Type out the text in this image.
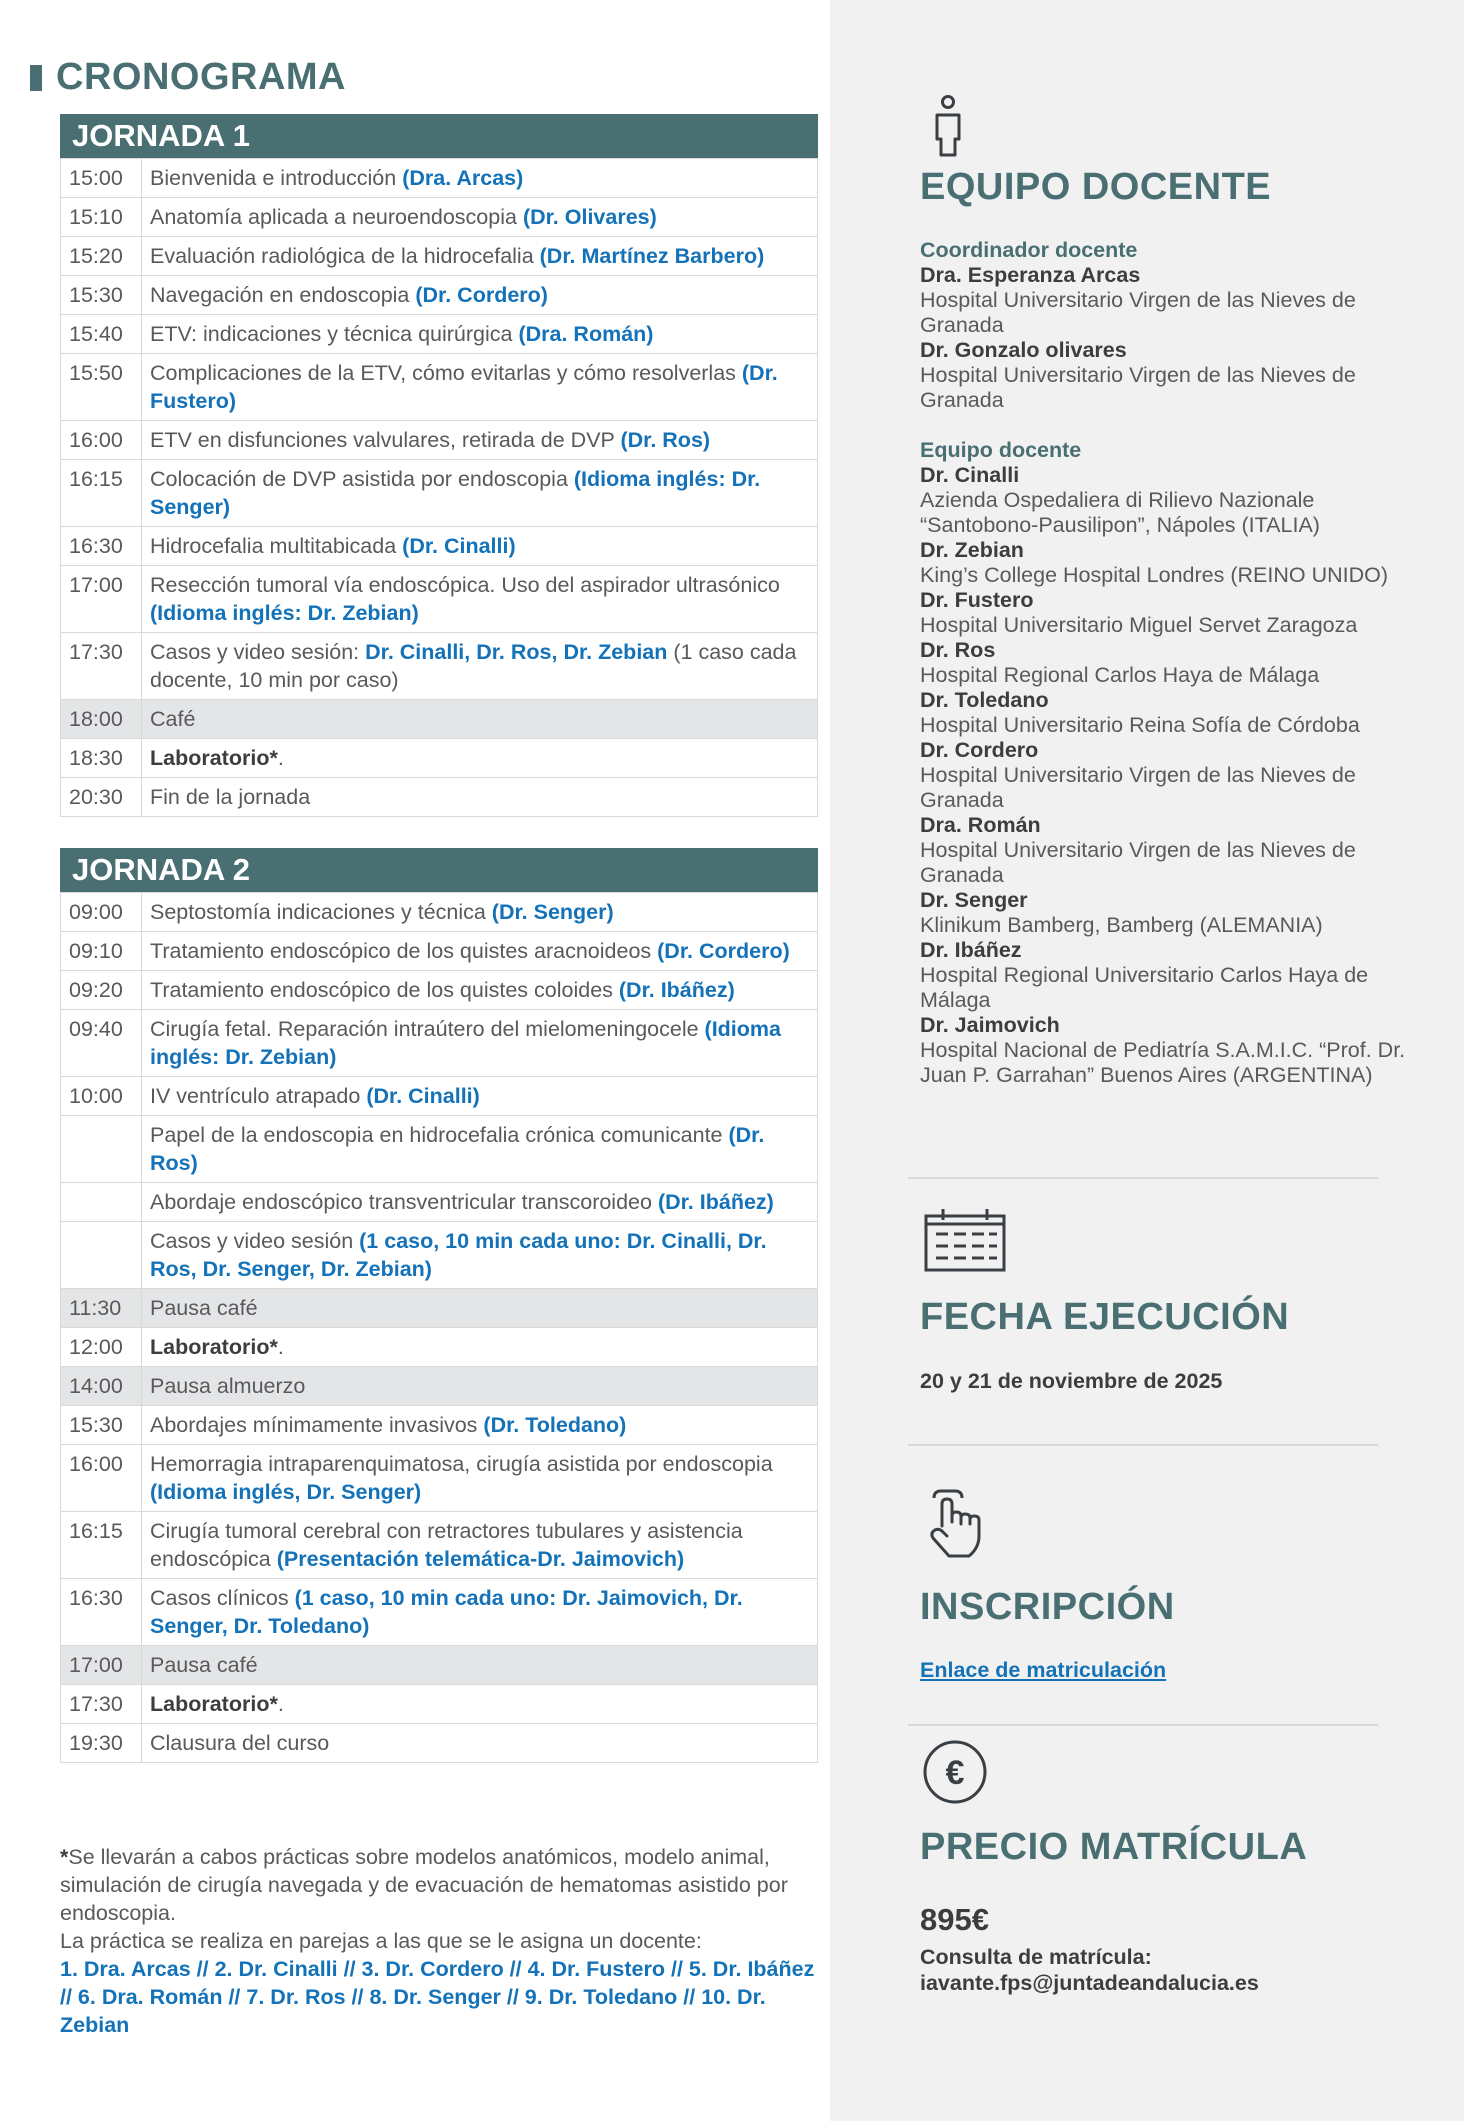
CRONOGRAMA
JORNADA 1
15:00	Bienvenida e introducción (Dra. Arcas)
15:10	Anatomía aplicada a neuroendoscopia (Dr. Olivares)
15:20	Evaluación radiológica de la hidrocefalia (Dr. Martínez Barbero)
15:30	Navegación en endoscopia (Dr. Cordero)
15:40	ETV: indicaciones y técnica quirúrgica (Dra. Román)
15:50	Complicaciones de la ETV, cómo evitarlas y cómo resolverlas (Dr. Fustero)
16:00	ETV en disfunciones valvulares, retirada de DVP (Dr. Ros)
16:15	Colocación de DVP asistida por endoscopia (Idioma inglés: Dr. Senger)
16:30	Hidrocefalia multitabicada (Dr. Cinalli)
17:00	Resección tumoral vía endoscópica. Uso del aspirador ultrasónico (Idioma inglés: Dr. Zebian)
17:30	Casos y video sesión: Dr. Cinalli, Dr. Ros, Dr. Zebian (1 caso cada docente, 10 min por caso)
18:00	Café
18:30	Laboratorio*.
20:30	Fin de la jornada
JORNADA 2
09:00	Septostomía indicaciones y técnica (Dr. Senger)
09:10	Tratamiento endoscópico de los quistes aracnoideos (Dr. Cordero)
09:20	Tratamiento endoscópico de los quistes coloides (Dr. Ibáñez)
09:40	Cirugía fetal. Reparación intraútero del mielomeningocele (Idioma inglés: Dr. Zebian)
10:00	IV ventrículo atrapado (Dr. Cinalli)
	Papel de la endoscopia en hidrocefalia crónica comunicante (Dr. Ros)
	Abordaje endoscópico transventricular transcoroideo (Dr. Ibáñez)
	Casos y video sesión (1 caso, 10 min cada uno: Dr. Cinalli, Dr. Ros, Dr. Senger, Dr. Zebian)
11:30	Pausa café
12:00	Laboratorio*.
14:00	Pausa almuerzo
15:30	Abordajes mínimamente invasivos (Dr. Toledano)
16:00	Hemorragia intraparenquimatosa, cirugía asistida por endoscopia (Idioma inglés, Dr. Senger)
16:15	Cirugía tumoral cerebral con retractores tubulares y asistencia endoscópica (Presentación telemática-Dr. Jaimovich)
16:30	Casos clínicos (1 caso, 10 min cada uno: Dr. Jaimovich, Dr. Senger, Dr. Toledano)
17:00	Pausa café
17:30	Laboratorio*.
19:30	Clausura del curso
*Se llevarán a cabos prácticas sobre modelos anatómicos, modelo animal, simulación de cirugía navegada y de evacuación de hematomas asistido por endoscopia.
La práctica se realiza en parejas a las que se le asigna un docente:
1. Dra. Arcas // 2. Dr. Cinalli // 3. Dr. Cordero // 4. Dr. Fustero // 5. Dr. Ibáñez // 6. Dra. Román // 7. Dr. Ros // 8. Dr. Senger // 9. Dr. Toledano // 10. Dr. Zebian
EQUIPO DOCENTE
Coordinador docente
Dra. Esperanza Arcas
Hospital Universitario Virgen de las Nieves de Granada
Dr. Gonzalo olivares
Hospital Universitario Virgen de las Nieves de Granada
Equipo docente
Dr. Cinalli
Azienda Ospedaliera di Rilievo Nazionale “Santobono-Pausilipon”, Nápoles (ITALIA)
Dr. Zebian
King’s College Hospital Londres (REINO UNIDO)
Dr. Fustero
Hospital Universitario Miguel Servet Zaragoza
Dr. Ros
Hospital Regional Carlos Haya de Málaga
Dr. Toledano
Hospital Universitario Reina Sofía de Córdoba
Dr. Cordero
Hospital Universitario Virgen de las Nieves de Granada
Dra. Román
Hospital Universitario Virgen de las Nieves de Granada
Dr. Senger
Klinikum Bamberg, Bamberg (ALEMANIA)
Dr. Ibáñez
Hospital Regional Universitario Carlos Haya de Málaga
Dr. Jaimovich
Hospital Nacional de Pediatría S.A.M.I.C. “Prof. Dr. Juan P. Garrahan” Buenos Aires (ARGENTINA)
FECHA EJECUCIÓN
20 y 21 de noviembre de 2025
INSCRIPCIÓN
Enlace de matriculación
€
PRECIO MATRÍCULA
895€
Consulta de matrícula:
iavante.fps@juntadeandalucia.es
